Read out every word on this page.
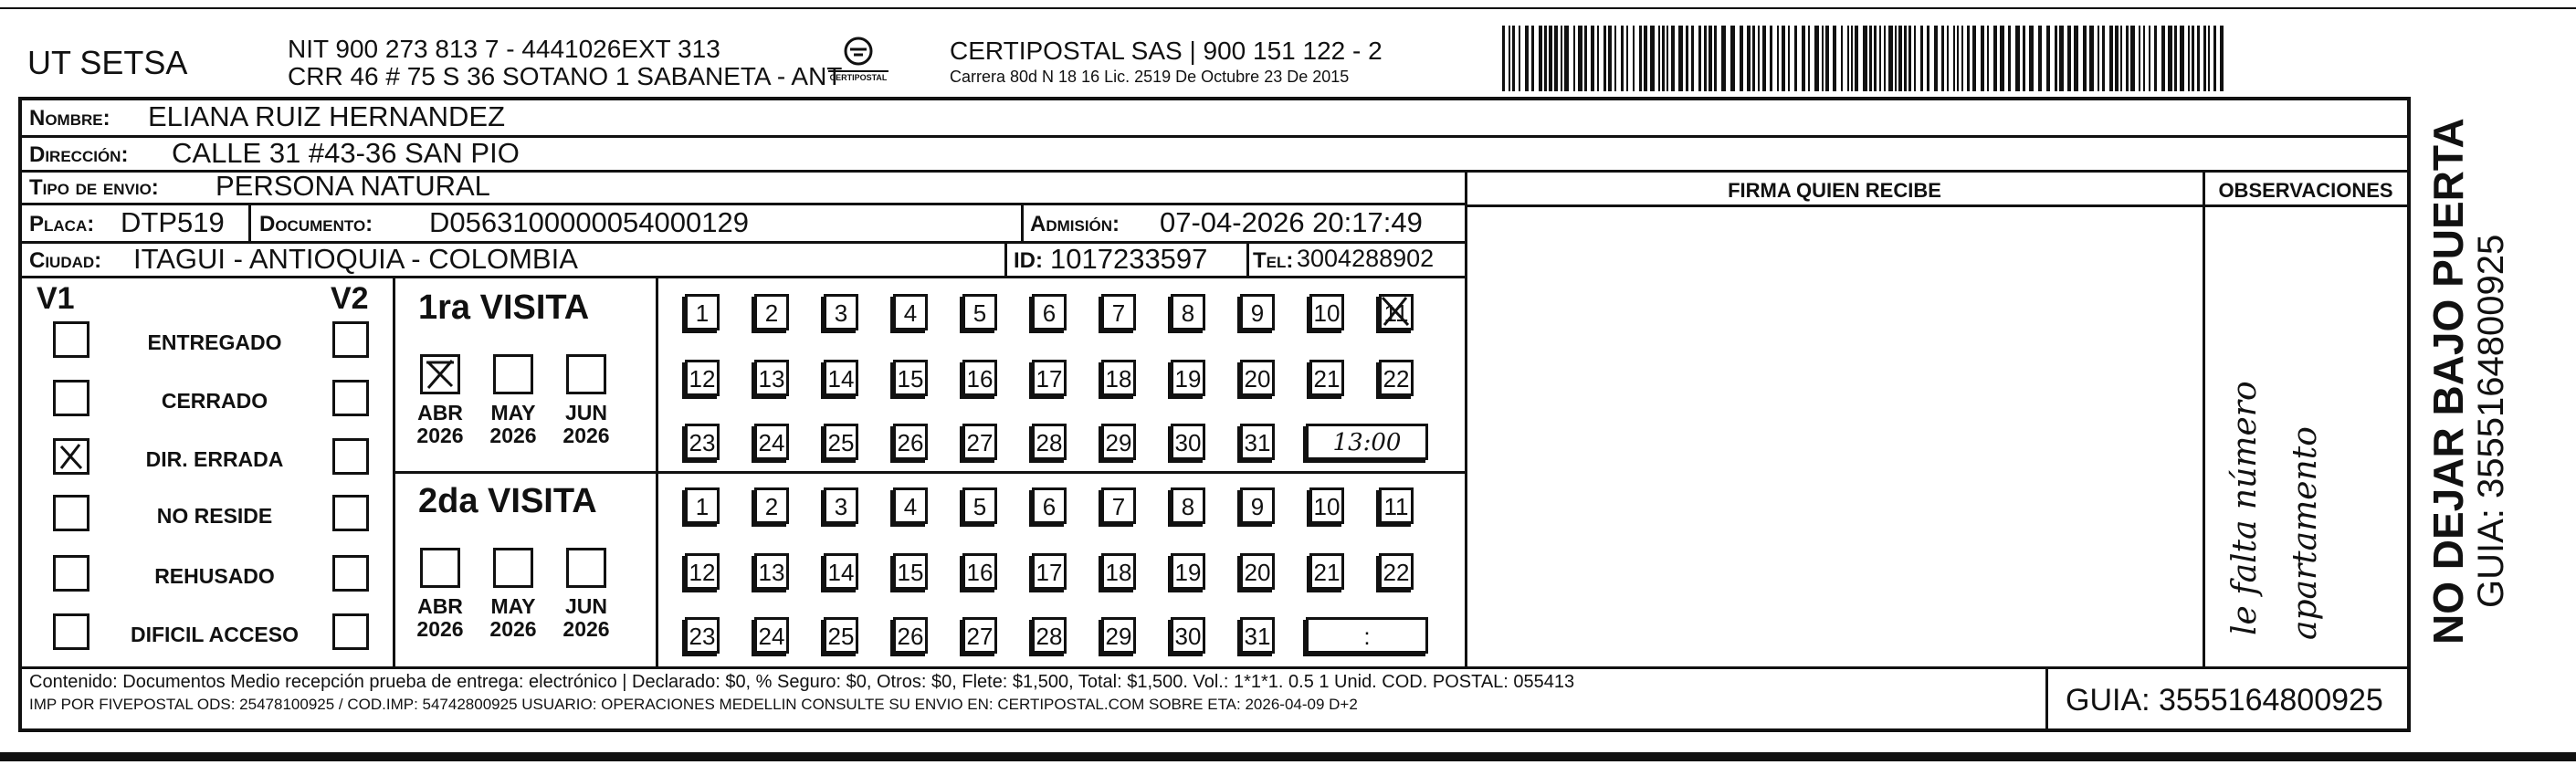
UT SETSA	NIT 900 273 813 7 - 4441026EXT 313
CRR 46 # 75 S 36 SOTANO 1 SABANETA - ANT
CERTIPOSTAL
CERTIPOSTAL SAS | 900 151 122 - 2
Carrera 80d N 18 16 Lic. 2519 De Octubre 23 De 2015
Nombre: ELIANA RUIZ HERNANDEZ
Dirección: CALLE 31 #43-36 SAN PIO
Tipo de envio: PERSONA NATURAL
Placa: DTP519 Documento: D0563100000054000129	Admisión: 07-04-2026 20:17:49
Ciudad: ITAGUI - ANTIOQUIA - COLOMBIA	ID: 1017233597 Tel: 3004288902
FIRMA QUIEN RECIBE	OBSERVACIONES
le falta número apartamento
V1	V2
ENTREGADO
CERRADO
DIR. ERRADA
NO RESIDE
REHUSADO
DIFICIL ACCESO
1ra VISITA
ABR
2026
MAY
2026
JUN
2026
1	2	3	4	5	6	7	8	9	10 11
12 13 14 15 16 17 18 19 20 21 22
23 24 25 26 27 28 29 30 31	13:00
2da VISITA
ABR
2026
MAY
2026
JUN
2026
1	2	3	4	5	6	7	8	9	10 11
12 13 14 15 16 17 18 19 20 21 22
23 24 25 26 27 28 29 30 31	:
Contenido: Documentos Medio recepción prueba de entrega: electrónico | Declarado: $0, % Seguro: $0, Otros: $0, Flete: $1,500, Total: $1,500. Vol.: 1*1*1. 0.5 1 Unid. COD. POSTAL: 055413
IMP POR FIVEPOSTAL ODS: 25478100925 / COD.IMP: 54742800925 USUARIO: OPERACIONES MEDELLIN CONSULTE SU ENVIO EN: CERTIPOSTAL.COM SOBRE ETA: 2026-04-09 D+2	GUIA: 3555164800925
NO DEJAR BAJO PUERTA GUIA: 3555164800925
